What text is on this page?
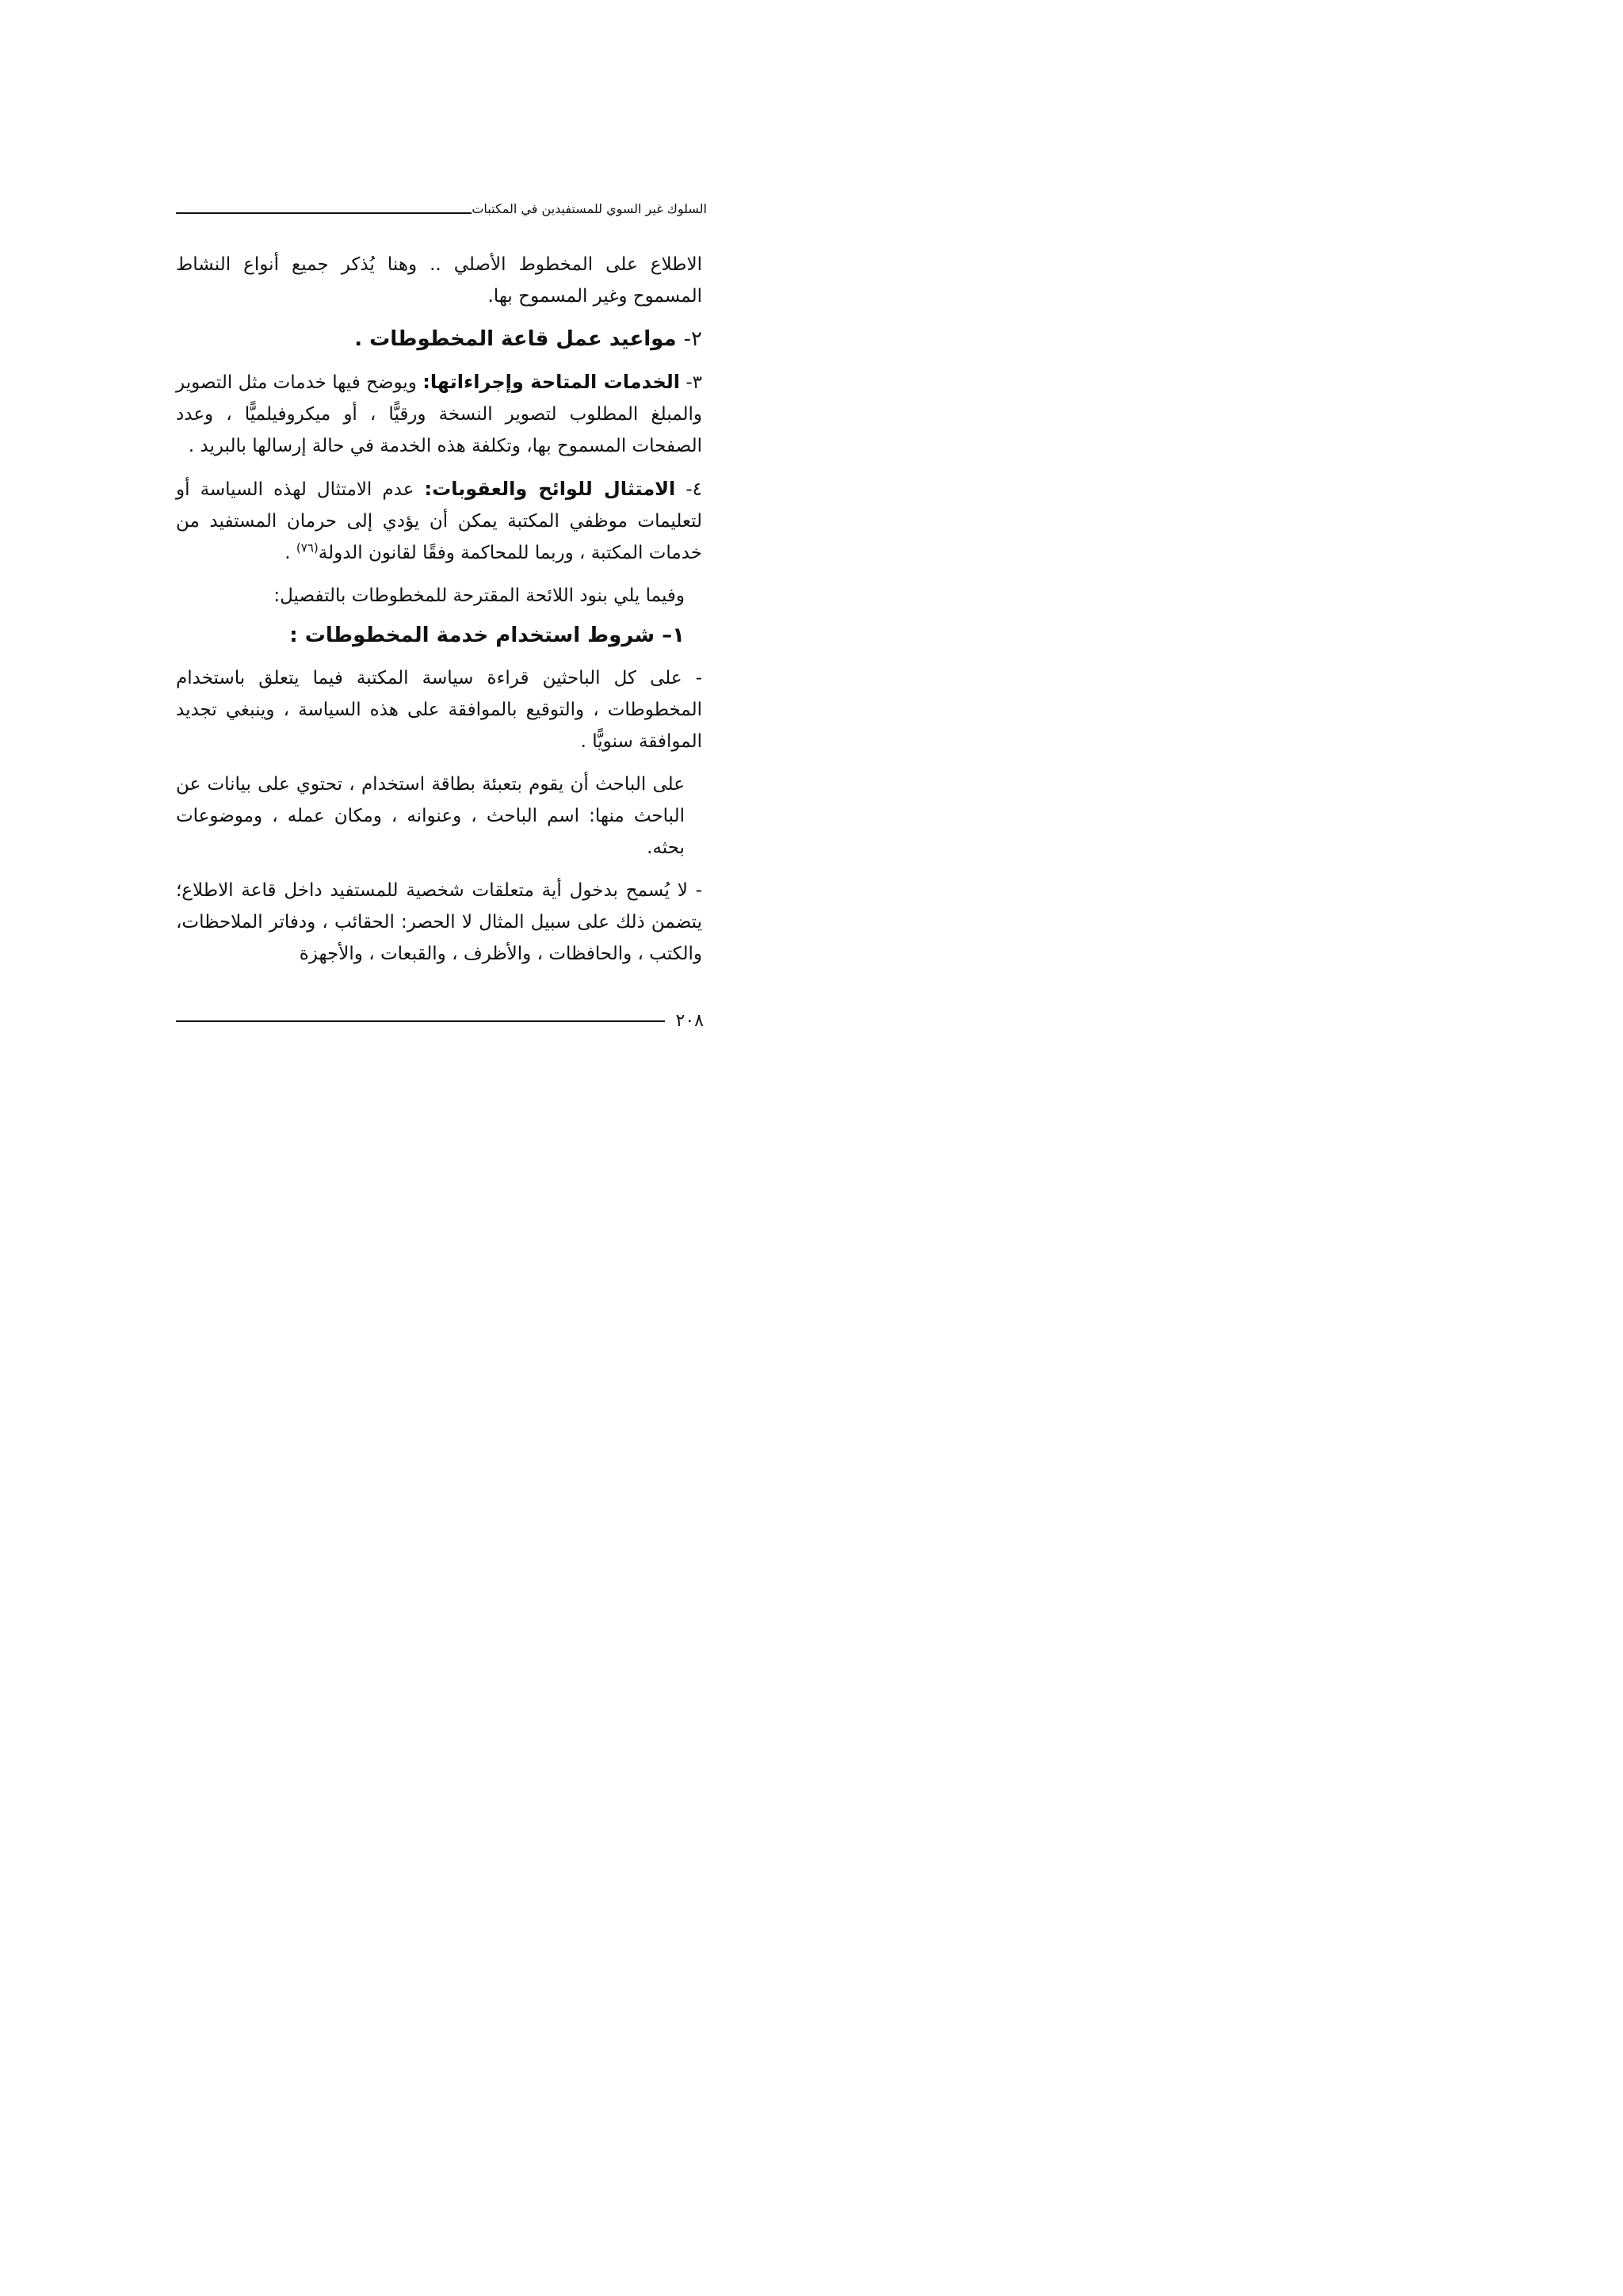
السلوك غير السوي للمستفيدين في المكتبات

الاطلاع على المخطوط الأصلي .. وهنا يُذكر جميع أنواع النشاط المسموح وغير المسموح بها.

٢- مواعيد عمل قاعة المخطوطات .

٣- الخدمات المتاحة وإجراءاتها: ويوضح فيها خدمات مثل التصوير والمبلغ المطلوب لتصوير النسخة ورقيًّا ، أو ميكروفيلميًّا ، وعدد الصفحات المسموح بها، وتكلفة هذه الخدمة في حالة إرسالها بالبريد .

٤- الامتثال للوائح والعقوبات: عدم الامتثال لهذه السياسة أو لتعليمات موظفي المكتبة يمكن أن يؤدي إلى حرمان المستفيد من خدمات المكتبة ، وربما للمحاكمة وفقًا لقانون الدولة$^{(٧٦)}$ .

وفيما يلي بنود اللائحة المقترحة للمخطوطات بالتفصيل:

١– شروط استخدام خدمة المخطوطات :

- على كل الباحثين قراءة سياسة المكتبة فيما يتعلق باستخدام المخطوطات ، والتوقيع بالموافقة على هذه السياسة ، وينبغي تجديد الموافقة سنويًّا .

على الباحث أن يقوم بتعبئة بطاقة استخدام ، تحتوي على بيانات عن الباحث منها: اسم الباحث ، وعنوانه ، ومكان عمله ، وموضوعات بحثه.

- لا يُسمح بدخول أية متعلقات شخصية للمستفيد داخل قاعة الاطلاع؛ يتضمن ذلك على سبيل المثال لا الحصر: الحقائب ، ودفاتر الملاحظات، والكتب ، والحافظات ، والأظرف ، والقبعات ، والأجهزة

٢٠٨
